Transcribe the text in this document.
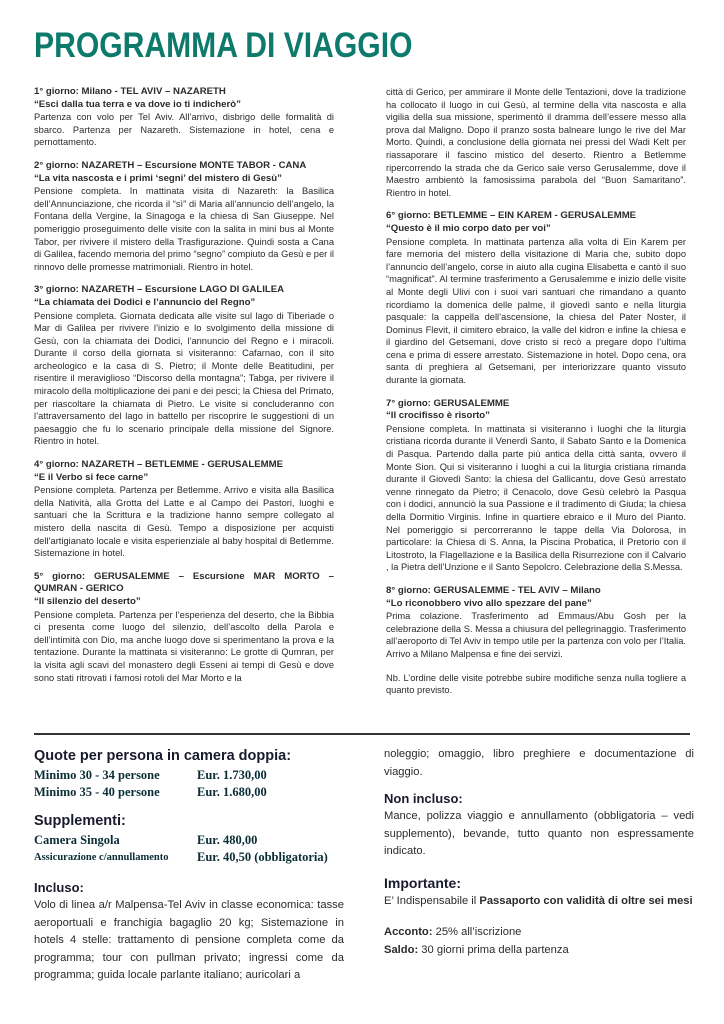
PROGRAMMA DI VIAGGIO
1° giorno: Milano - TEL AVIV – NAZARETH
“Esci dalla tua terra e va dove io ti indicherò”

Partenza con volo per Tel Aviv. All’arrivo, disbrigo delle formalità di sbarco. Partenza per Nazareth. Sistemazione in hotel, cena e pernottamento.

2° giorno: NAZARETH – Escursione MONTE TABOR - CANA
“La vita nascosta e i primi ‘segni’ del mistero di Gesù”

Pensione completa. In mattinata visita di Nazareth: la Basilica dell’Annunciazione, che ricorda il “sì” di Maria all’annuncio dell’angelo, la Fontana della Vergine, la Sinagoga e la chiesa di San Giuseppe. Nel pomeriggio proseguimento delle visite con la salita in mini bus al Monte Tabor, per rivivere il mistero della Trasfigurazione. Quindi sosta a Cana di Galilea, facendo memoria del primo “segno” compiuto da Gesù e per il rinnovo delle promesse matrimoniali. Rientro in hotel.

3° giorno: NAZARETH – Escursione LAGO DI GALILEA
“La chiamata dei Dodici e l’annuncio del Regno”

Pensione completa. Giornata dedicata alle visite sul lago di Tiberiade o Mar di Galilea per rivivere l’inizio e lo svolgimento della missione di Gesù, con la chiamata dei Dodici, l’annuncio del Regno e i miracoli. Durante il corso della giornata si visiteranno: Cafarnao, con il sito archeologico e la casa di S. Pietro; il Monte delle Beatitudini, per risentire il meraviglioso “Discorso della montagna”; Tabga, per rivivere il miracolo della moltiplicazione dei pani e dei pesci; la Chiesa del Primato, per riascoltare la chiamata di Pietro. Le visite si concluderanno con l’attraversamento del lago in battello per riscoprire le suggestioni di un paesaggio che fu lo scenario principale della missione del Signore. Rientro in hotel.

4° giorno: NAZARETH – BETLEMME - GERUSALEMME
“E il Verbo si fece carne”

Pensione completa. Partenza per Betlemme. Arrivo e visita alla Basilica della Natività, alla Grotta del Latte e al Campo dei Pastori, luoghi e santuari che la Scrittura e la tradizione hanno sempre collegato al mistero della nascita di Gesù. Tempo a disposizione per acquisti dell’artigianato locale e visita esperienziale al baby hospital di Betlemme. Sistemazione in hotel.

5° giorno: GERUSALEMME – Escursione MAR MORTO – QUMRAN - GERICO
“Il silenzio del deserto”

Pensione completa. Partenza per l’esperienza del deserto, che la Bibbia ci presenta come luogo del silenzio, dell’ascolto della Parola e dell’intimità con Dio, ma anche luogo dove si sperimentano la prova e la tentazione. Durante la mattinata si visiteranno: Le grotte di Qumran, per la visita agli scavi del monastero degli Esseni ai tempi di Gesù e dove sono stati ritrovati i famosi rotoli del Mar Morto e la

città di Gerico, per ammirare il Monte delle Tentazioni, dove la tradizione ha collocato il luogo in cui Gesù, al termine della vita nascosta e alla vigilia della sua missione, sperimentò il dramma dell’essere messo alla prova dal Maligno. Dopo il pranzo sosta balneare lungo le rive del Mar Morto. Quindi, a conclusione della giornata nei pressi del Wadi Kelt per riassaporare il fascino mistico del deserto. Rientro a Betlemme ripercorrendo la strada che da Gerico sale verso Gerusalemme, dove il Maestro ambientò la famosissima parabola del “Buon Samaritano”. Rientro in hotel.

6° giorno: BETLEMME – EIN KAREM - GERUSALEMME
“Questo è il mio corpo dato per voi”

Pensione completa. In mattinata partenza alla volta di Ein Karem per fare memoria del mistero della visitazione di Maria che, subito dopo l’annuncio dell’angelo, corse in aiuto alla cugina Elisabetta e cantò il suo “magnificat”. Al termine trasferimento a Gerusalemme e inizio delle visite al Monte degli Ulivi con i suoi vari santuari che rimandano a quanto ricordiamo la domenica delle palme, il giovedì santo e nella liturgia pasquale: la cappella dell’ascensione, la chiesa del Pater Noster, il Dominus Flevit, il cimitero ebraico, la valle del kidron e infine la chiesa e il giardino del Getsemani, dove cristo si recò a pregare dopo l’ultima cena e prima di essere arrestato. Sistemazione in hotel. Dopo cena, ora santa di preghiera al Getsemani, per interiorizzare quanto vissuto durante la giornata.

7° giorno: GERUSALEMME
“Il crocifisso è risorto”

Pensione completa. In mattinata si visiteranno i luoghi che la liturgia cristiana ricorda durante il Venerdì Santo, il Sabato Santo e la Domenica di Pasqua. Partendo dalla parte più antica della città santa, ovvero il Monte Sion. Qui si visiteranno i luoghi a cui la liturgia cristiana rimanda durante il Giovedì Santo: la chiesa del Gallicantu, dove Gesù arrestato venne rinnegato da Pietro; il Cenacolo, dove Gesù celebrò la Pasqua con i dodici, annunciò la sua Passione e il tradimento di Giuda; la chiesa della Dormitio Virginis. Infine in quartiere ebraico e il Muro del Pianto. Nel pomeriggio si percorreranno le tappe della Via Dolorosa, in particolare: la Chiesa di S. Anna, la Piscina Probatica, il Pretorio con il Litostroto, la Flagellazione e la Basilica della Risurrezione con il Calvario , la Pietra dell’Unzione e il Santo Sepolcro. Celebrazione della S.Messa.

8° giorno: GERUSALEMME - TEL AVIV – Milano
“Lo riconobbero vivo allo spezzare del pane”

Prima colazione. Trasferimento ad Emmaus/Abu Gosh per la celebrazione della S. Messa a chiusura del pellegrinaggio. Trasferimento all’aeroporto di Tel Aviv in tempo utile per la partenza con volo per l’Italia. Arrivo a Milano Malpensa e fine dei servizi.

Nb. L’ordine delle visite potrebbe subire modifiche senza nulla togliere a quanto previsto.

Quote per persona in camera doppia:
Minimo 30 - 34 persone	Eur. 1.730,00
Minimo 35 - 40 persone	Eur. 1.680,00
Supplementi:
Camera Singola	Eur. 480,00
Assicurazione c/annullamento	Eur. 40,50 (obbligatoria)
Incluso:

Volo di linea a/r Malpensa-Tel Aviv in classe economica: tasse aeroportuali e franchigia bagaglio 20 kg; Sistemazione in hotels 4 stelle: trattamento di pensione completa come da programma; tour con pullman privato; ingressi come da programma; guida locale parlante italiano; auricolari a

noleggio; omaggio, libro preghiere e documentazione di viaggio.

Non incluso:

Mance, polizza viaggio e annullamento (obbligatoria – vedi supplemento), bevande, tutto quanto non espressamente indicato.

Importante:

E’ Indispensabile il Passaporto con validità di oltre sei mesi

Acconto: 25% all’iscrizione

Saldo: 30 giorni prima della partenza
